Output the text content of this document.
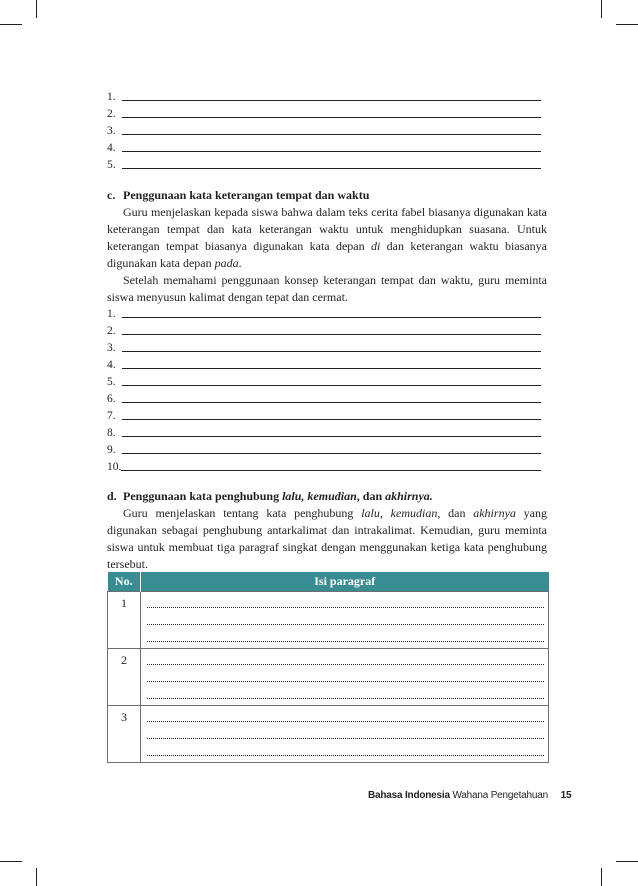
1.
2.
3.
4.
5.
c. Penggunaan kata keterangan tempat dan waktu

Guru menjelaskan kepada siswa bahwa dalam teks cerita fabel biasanya digunakan kata keterangan tempat dan kata keterangan waktu untuk menghidupkan suasana. Untuk keterangan tempat biasanya digunakan kata depan di dan keterangan waktu biasanya digunakan kata depan pada.

Setelah memahami penggunaan konsep keterangan tempat dan waktu, guru meminta siswa menyusun kalimat dengan tepat dan cermat.

1.
2.
3.
4.
5.
6.
7.
8.
9.
10.
d. Penggunaan kata penghubung lalu, kemudian, dan akhirnya.

Guru menjelaskan tentang kata penghubung lalu, kemudian, dan akhirnya yang digunakan sebagai penghubung antarkalimat dan intrakalimat. Kemudian, guru meminta siswa untuk membuat tiga paragraf singkat dengan menggunakan ketiga kata penghubung tersebut.

No.	Isi paragraf
1	

2	

3	
Bahasa Indonesia Wahana Pengetahuan 15
